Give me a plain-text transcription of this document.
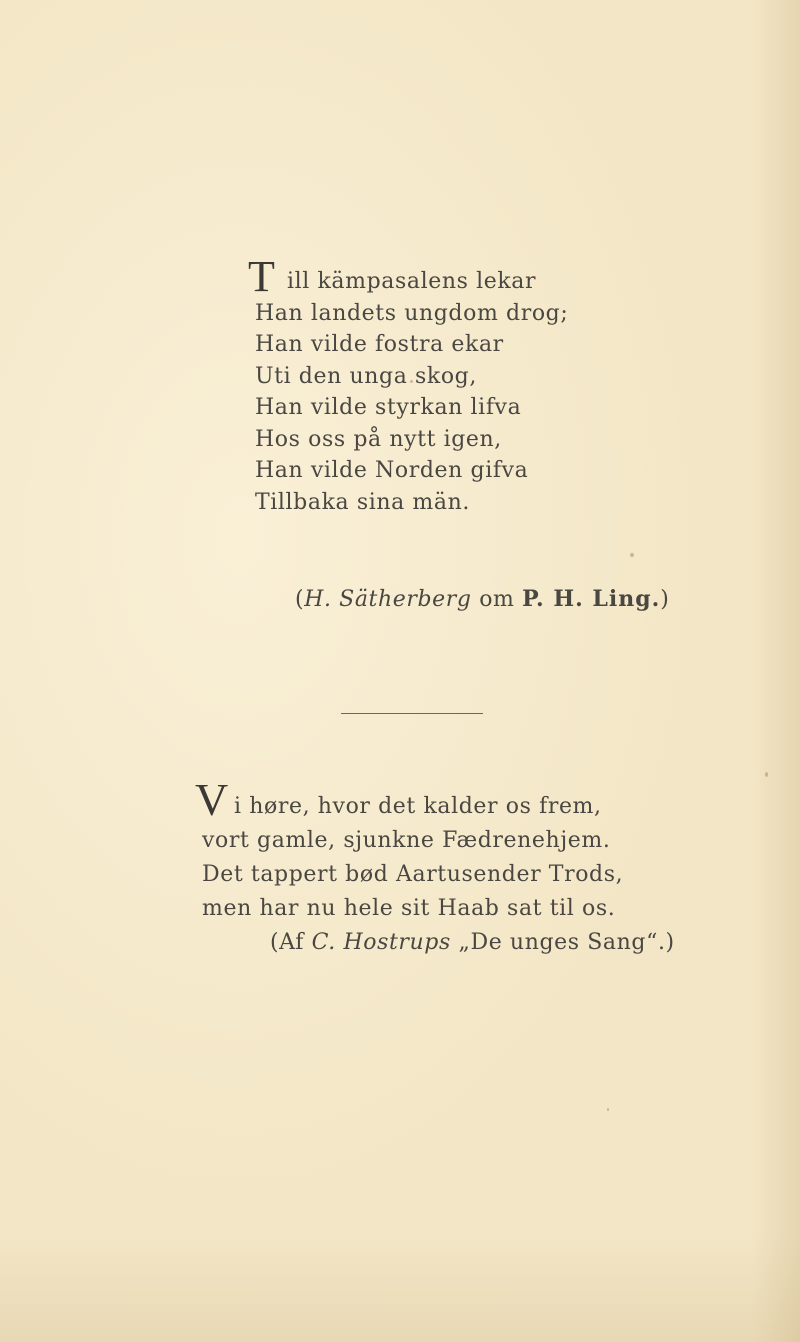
T ill kämpasalens lekar
Han landets ungdom drog;
Han vilde fostra ekar
Uti den unga skog,
Han vilde styrkan lifva
Hos oss på nytt igen,
Han vilde Norden gifva
Tillbaka sina män.
(H. Sätherberg om P. H. Ling.)
V i høre, hvor det kalder os frem,
vort gamle, sjunkne Fædrenehjem.
Det tappert bød Aartusender Trods,
men har nu hele sit Haab sat til os.
(Af C. Hostrups „De unges Sang“.)
